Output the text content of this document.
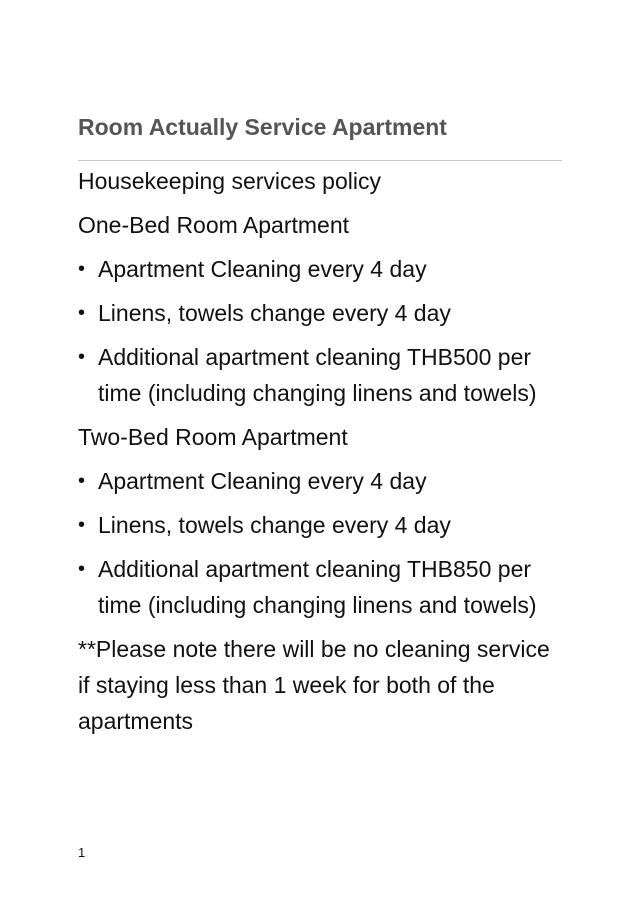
Room Actually Service Apartment

Housekeeping services policy

One-Bed Room Apartment

• Apartment Cleaning every 4 day
• Linens, towels change every 4 day
• Additional apartment cleaning THB500 per time (including changing linens and towels)

Two-Bed Room Apartment

• Apartment Cleaning every 4 day
• Linens, towels change every 4 day
• Additional apartment cleaning THB850 per time (including changing linens and towels)

**Please note there will be no cleaning service if staying less than 1 week for both of the apartments

1
